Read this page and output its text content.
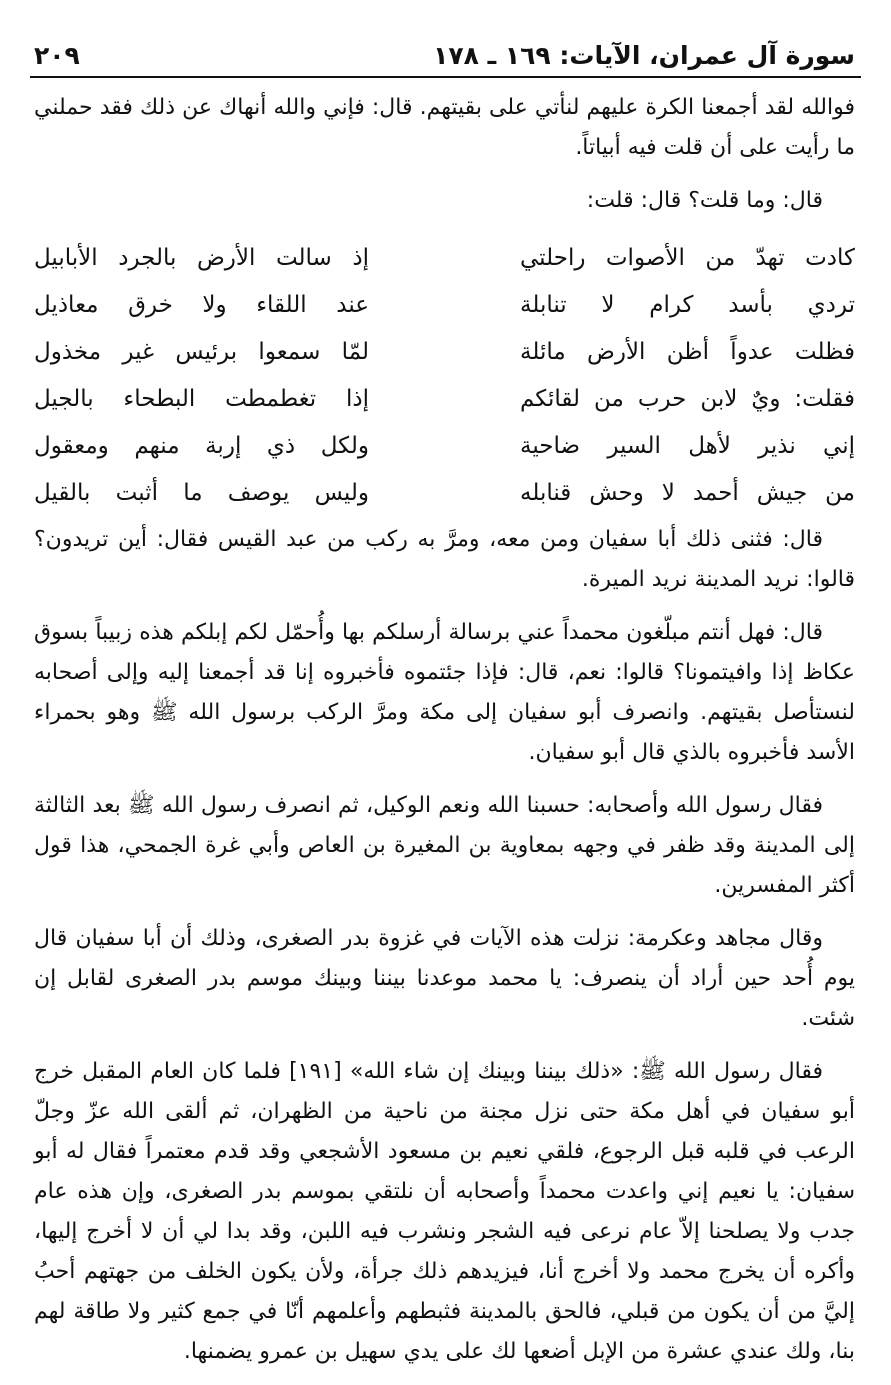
سورة آل عمران، الآيات: ١٦٩ ـ ١٧٨
٢٠٩

فوالله لقد أجمعنا الكرة عليهم لنأتي على بقيتهم. قال: فإني والله أنهاك عن ذلك فقد حملني ما رأيت على أن قلت فيه أبياتاً.

قال: وما قلت؟ قال: قلت:

كادت تهدّ من الأصوات راحلتي
إذ سالت الأرض بالجرد الأبابيل
تردي بأسد كرام لا تنابلة
عند اللقاء ولا خرق معاذيل
فظلت عدواً أظن الأرض مائلة
لمّا سمعوا برئيس غير مخذول
فقلت: ويٌ لابن حرب من لقائكم
إذا تغطمطت البطحاء بالجيل
إني نذير لأهل السير ضاحية
ولكل ذي إربة منهم ومعقول
من جيش أحمد لا وحش قنابله
وليس يوصف ما أثبت بالقيل

قال: فثنى ذلك أبا سفيان ومن معه، ومرَّ به ركب من عبد القيس فقال: أين تريدون؟ قالوا: نريد المدينة نريد الميرة.

قال: فهل أنتم مبلّغون محمداً عني برسالة أرسلكم بها وأُحمّل لكم إبلكم هذه زبيباً بسوق عكاظ إذا وافيتمونا؟ قالوا: نعم، قال: فإذا جئتموه فأخبروه إنا قد أجمعنا إليه وإلى أصحابه لنستأصل بقيتهم. وانصرف أبو سفيان إلى مكة ومرَّ الركب برسول الله ﷺ وهو بحمراء الأسد فأخبروه بالذي قال أبو سفيان.

فقال رسول الله وأصحابه: حسبنا الله ونعم الوكيل، ثم انصرف رسول الله ﷺ بعد الثالثة إلى المدينة وقد ظفر في وجهه بمعاوية بن المغيرة بن العاص وأبي غرة الجمحي، هذا قول أكثر المفسرين.

وقال مجاهد وعكرمة: نزلت هذه الآيات في غزوة بدر الصغرى، وذلك أن أبا سفيان قال يوم أُحد حين أراد أن ينصرف: يا محمد موعدنا بيننا وبينك موسم بدر الصغرى لقابل إن شئت.

فقال رسول الله ﷺ: «ذلك بيننا وبينك إن شاء الله» [١٩١] فلما كان العام المقبل خرج أبو سفيان في أهل مكة حتى نزل مجنة من ناحية من الظهران، ثم ألقى الله عزّ وجلّ الرعب في قلبه قبل الرجوع، فلقي نعيم بن مسعود الأشجعي وقد قدم معتمراً فقال له أبو سفيان: يا نعيم إني واعدت محمداً وأصحابه أن نلتقي بموسم بدر الصغرى، وإن هذه عام جدب ولا يصلحنا إلاّ عام نرعى فيه الشجر ونشرب فيه اللبن، وقد بدا لي أن لا أخرج إليها، وأكره أن يخرج محمد ولا أخرج أنا، فيزيدهم ذلك جرأة، ولأن يكون الخلف من جهتهم أحبُ إليَّ من أن يكون من قبلي، فالحق بالمدينة فثبطهم وأعلمهم أنّا في جمع كثير ولا طاقة لهم بنا، ولك عندي عشرة من الإبل أضعها لك على يدي سهيل بن عمرو يضمنها.
